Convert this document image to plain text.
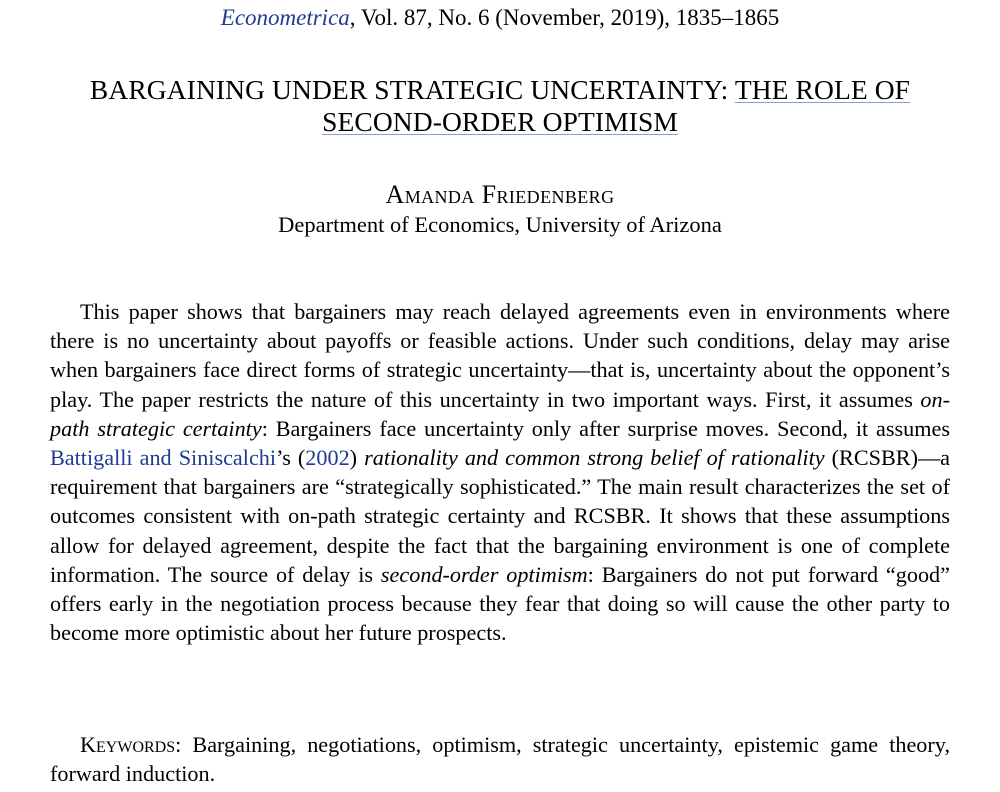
Econometrica, Vol. 87, No. 6 (November, 2019), 1835–1865
BARGAINING UNDER STRATEGIC UNCERTAINTY: THE ROLE OF
SECOND-ORDER OPTIMISM
Amanda Friedenberg
Department of Economics, University of Arizona

This paper shows that bargainers may reach delayed agreements even in environments where there is no uncertainty about payoffs or feasible actions. Under such conditions, delay may arise when bargainers face direct forms of strategic uncertainty—that is, uncertainty about the opponent’s play. The paper restricts the nature of this uncertainty in two important ways. First, it assumes on-path strategic certainty: Bargainers face uncertainty only after surprise moves. Second, it assumes Battigalli and Siniscalchi’s (2002) rationality and common strong belief of rationality (RCSBR)—a requirement that bargainers are “strategically sophisticated.” The main result characterizes the set of outcomes consistent with on-path strategic certainty and RCSBR. It shows that these assumptions allow for delayed agreement, despite the fact that the bargaining environment is one of complete information. The source of delay is second-order optimism: Bargainers do not put forward “good” offers early in the negotiation process because they fear that doing so will cause the other party to become more optimistic about her future prospects.

Keywords: Bargaining, negotiations, optimism, strategic uncertainty, epistemic game theory, forward induction.
